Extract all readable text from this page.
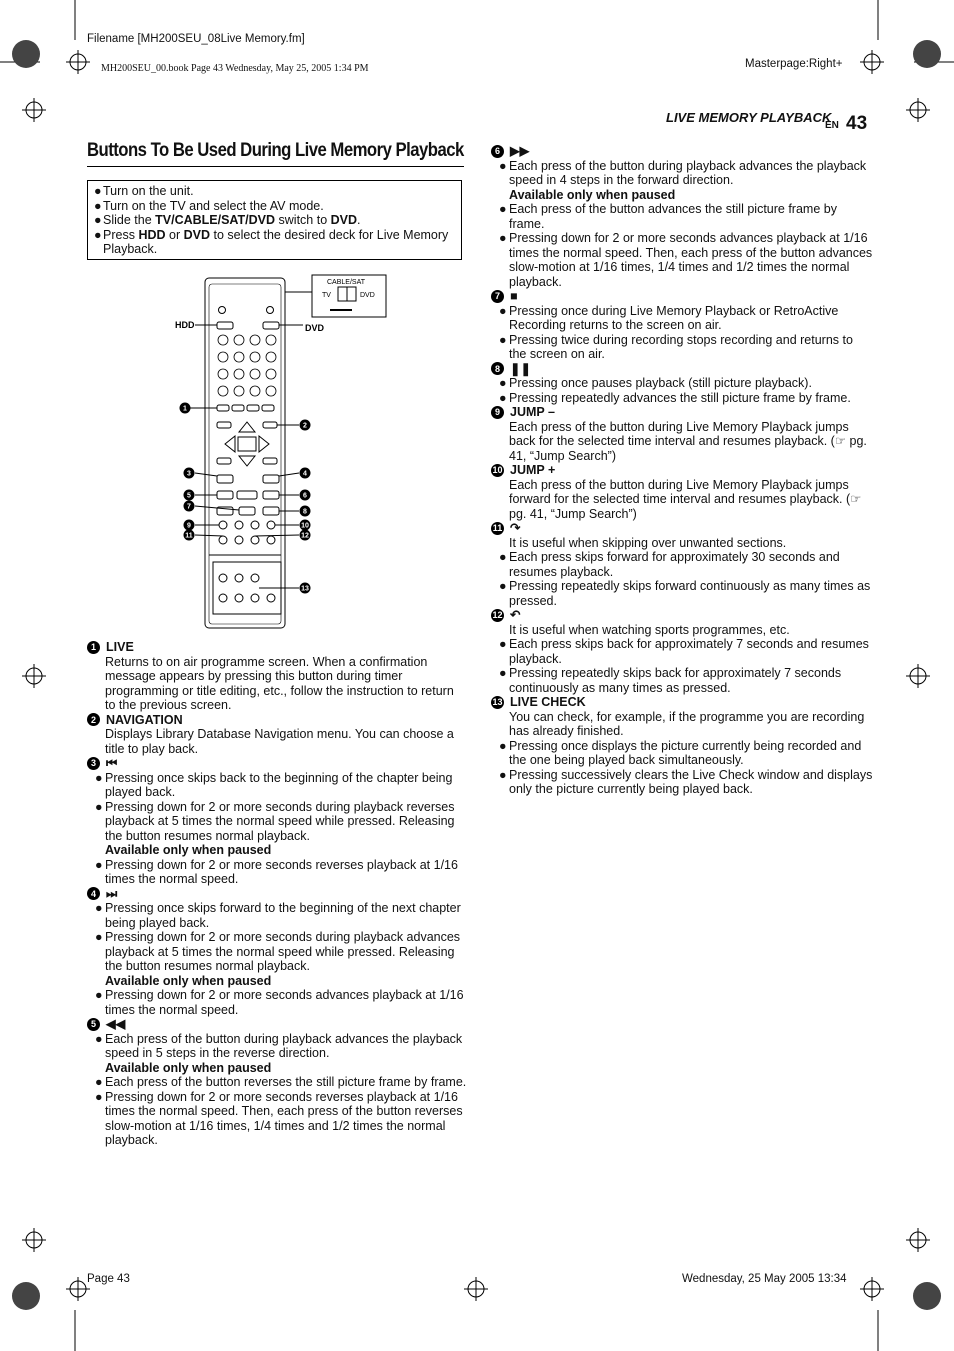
Filename [MH200SEU_08Live Memory.fm]
MH200SEU_00.book Page 43 Wednesday, May 25, 2005 1:34 PM	Masterpage:Right+
LIVE MEMORY PLAYBACK
EN 43
Buttons To Be Used During Live Memory Playback
● Turn on the unit.
● Turn on the TV and select the AV mode.
● Slide the TV/CABLE/SAT/DVD switch to DVD.
● Press HDD or DVD to select the desired deck for Live Memory Playback.
CABLE/SAT
TV	DVD
HDD	DVD
1
2
3	4
5	6
7
8
9	10
11	12
13
1 LIVE
Returns to on air programme screen. When a confirmation message appears by pressing this button during timer programming or title editing, etc., follow the instruction to return to the previous screen.
2 NAVIGATION
Displays Library Database Navigation menu. You can choose a title to play back.
3 ⏮
● Pressing once skips back to the beginning of the chapter being played back.
● Pressing down for 2 or more seconds during playback reverses playback at 5 times the normal speed while pressed. Releasing the button resumes normal playback.
Available only when paused
● Pressing down for 2 or more seconds reverses playback at 1/16 times the normal speed.
4 ⏭
● Pressing once skips forward to the beginning of the next chapter being played back.
● Pressing down for 2 or more seconds during playback advances playback at 5 times the normal speed while pressed. Releasing the button resumes normal playback.
Available only when paused
● Pressing down for 2 or more seconds advances playback at 1/16 times the normal speed.
5 ◀◀
● Each press of the button during playback advances the playback speed in 5 steps in the reverse direction.
Available only when paused
● Each press of the button reverses the still picture frame by frame.
● Pressing down for 2 or more seconds reverses playback at 1/16 times the normal speed. Then, each press of the button reverses slow-motion at 1/16 times, 1/4 times and 1/2 times the normal playback.
6 ▶▶
● Each press of the button during playback advances the playback speed in 4 steps in the forward direction.
Available only when paused
● Each press of the button advances the still picture frame by frame.
● Pressing down for 2 or more seconds advances playback at 1/16 times the normal speed. Then, each press of the button advances slow-motion at 1/16 times, 1/4 times and 1/2 times the normal playback.
7 ■
● Pressing once during Live Memory Playback or RetroActive Recording returns to the screen on air.
● Pressing twice during recording stops recording and returns to the screen on air.
8 ❚❚
● Pressing once pauses playback (still picture playback).
● Pressing repeatedly advances the still picture frame by frame.
9 JUMP –
Each press of the button during Live Memory Playback jumps back for the selected time interval and resumes playback. (☞ pg. 41, “Jump Search”)
10 JUMP +
Each press of the button during Live Memory Playback jumps forward for the selected time interval and resumes playback. (☞ pg. 41, “Jump Search”)
11 ↷
It is useful when skipping over unwanted sections.
● Each press skips forward for approximately 30 seconds and resumes playback.
● Pressing repeatedly skips forward continuously as many times as pressed.
12 ↶
It is useful when watching sports programmes, etc.
● Each press skips back for approximately 7 seconds and resumes playback.
● Pressing repeatedly skips back for approximately 7 seconds continuously as many times as pressed.
13 LIVE CHECK
You can check, for example, if the programme you are recording has already finished.
● Pressing once displays the picture currently being recorded and the one being played back simultaneously.
● Pressing successively clears the Live Check window and displays only the picture currently being played back.
Page 43	Wednesday, 25 May 2005 13:34
